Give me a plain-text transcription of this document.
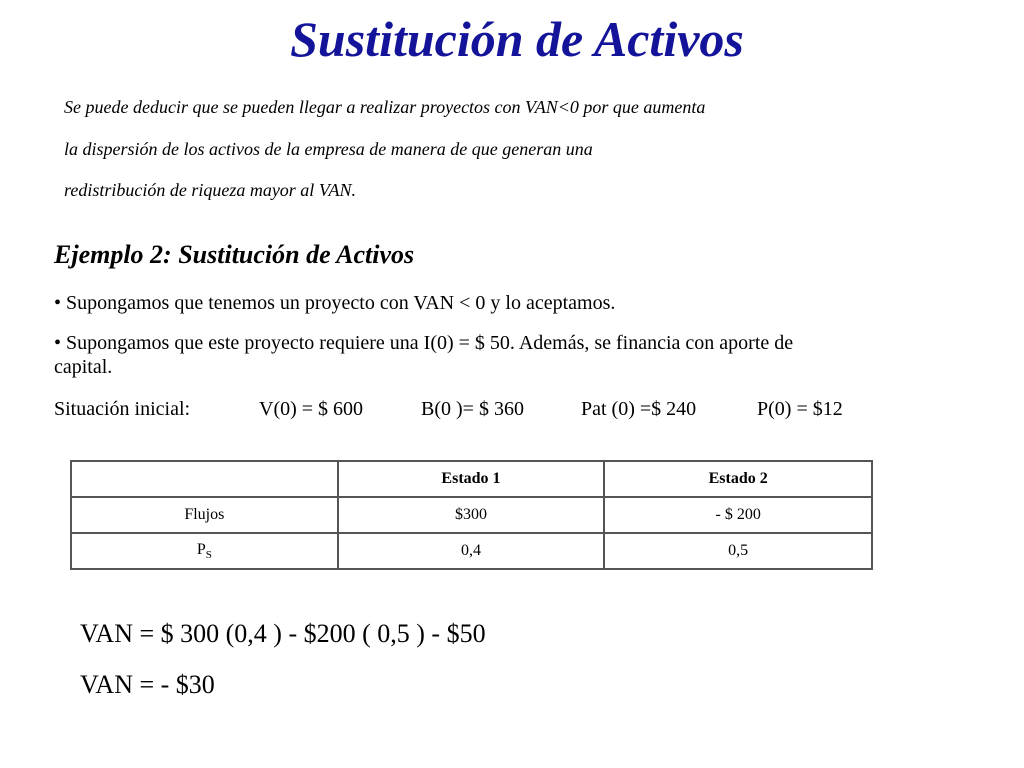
Sustitución de Activos
Se puede deducir que se pueden llegar a realizar proyectos con VAN<0 por que aumenta
la dispersión de los activos de la empresa de manera de que generan una
redistribución de riqueza mayor al VAN.
Ejemplo 2: Sustitución de Activos
• Supongamos que tenemos un proyecto con VAN < 0 y lo aceptamos.
• Supongamos que este proyecto requiere una I(0) = $ 50. Además, se financia con aporte de
capital.
Situación inicial:	V(0) = $ 600	B(0 )= $ 360	Pat (0) =$ 240	P(0) = $12
	Estado 1	Estado 2
Flujos	$300	- $ 200
$P_S$	0,4	0,5
VAN = $ 300 (0,4 ) - $200 ( 0,5 ) - $50
VAN = - $30
